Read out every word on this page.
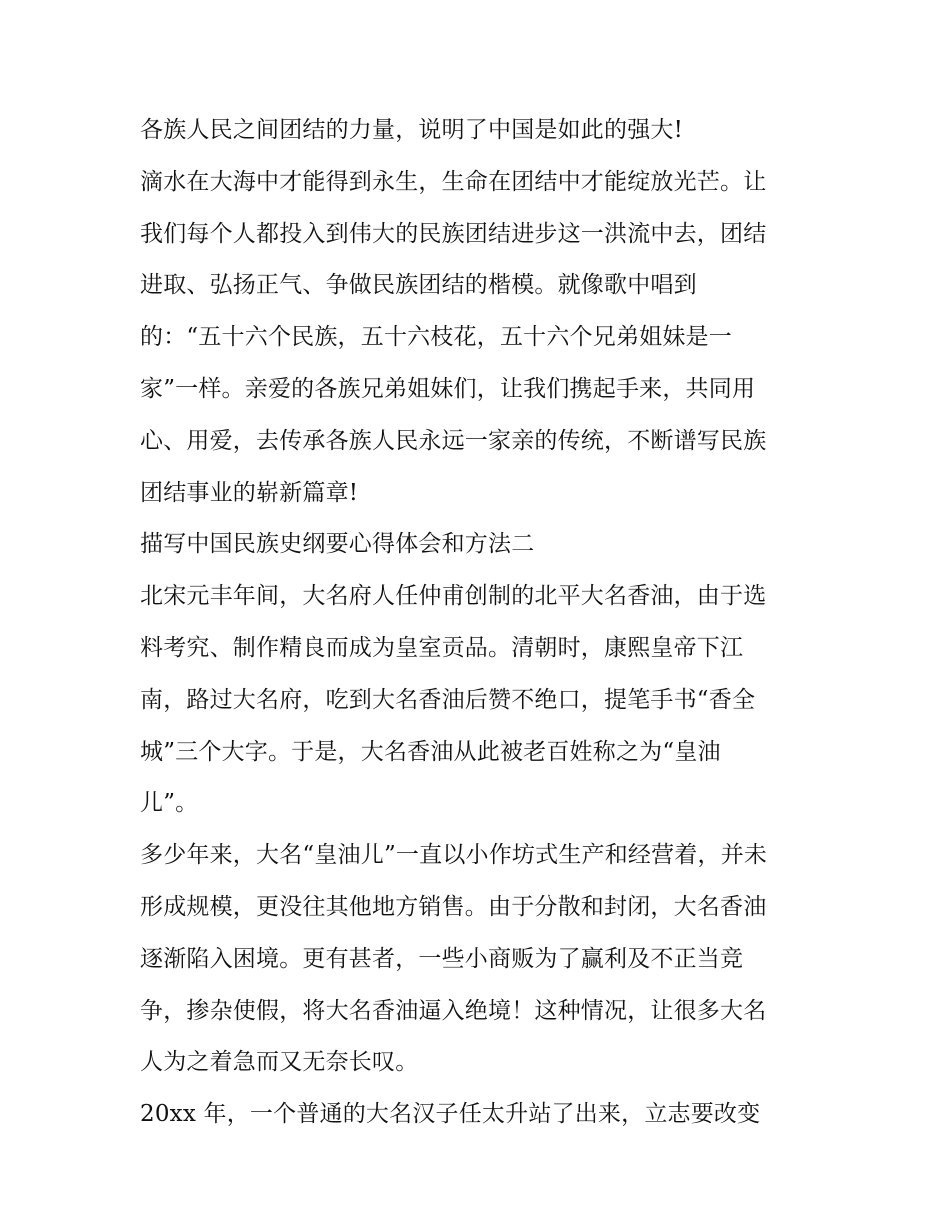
各族人民之间团结的力量，说明了中国是如此的强大!
滴水在大海中才能得到永生，生命在团结中才能绽放光芒。让
我们每个人都投入到伟大的民族团结进步这一洪流中去，团结
进取、弘扬正气、争做民族团结的楷模。就像歌中唱到
的：“五十六个民族，五十六枝花，五十六个兄弟姐妹是一
家”一样。亲爱的各族兄弟姐妹们，让我们携起手来，共同用
心、用爱，去传承各族人民永远一家亲的传统，不断谱写民族
团结事业的崭新篇章!
描写中国民族史纲要心得体会和方法二
北宋元丰年间，大名府人任仲甫创制的北平大名香油，由于选
料考究、制作精良而成为皇室贡品。清朝时，康熙皇帝下江
南，路过大名府，吃到大名香油后赞不绝口，提笔手书“香全
城”三个大字。于是，大名香油从此被老百姓称之为“皇油
儿”。
多少年来，大名“皇油儿”一直以小作坊式生产和经营着，并未
形成规模，更没往其他地方销售。由于分散和封闭，大名香油
逐渐陷入困境。更有甚者，一些小商贩为了赢利及不正当竞
争，掺杂使假，将大名香油逼入绝境！这种情况，让很多大名
人为之着急而又无奈长叹。
20xx 年，一个普通的大名汉子任太升站了出来，立志要改变
